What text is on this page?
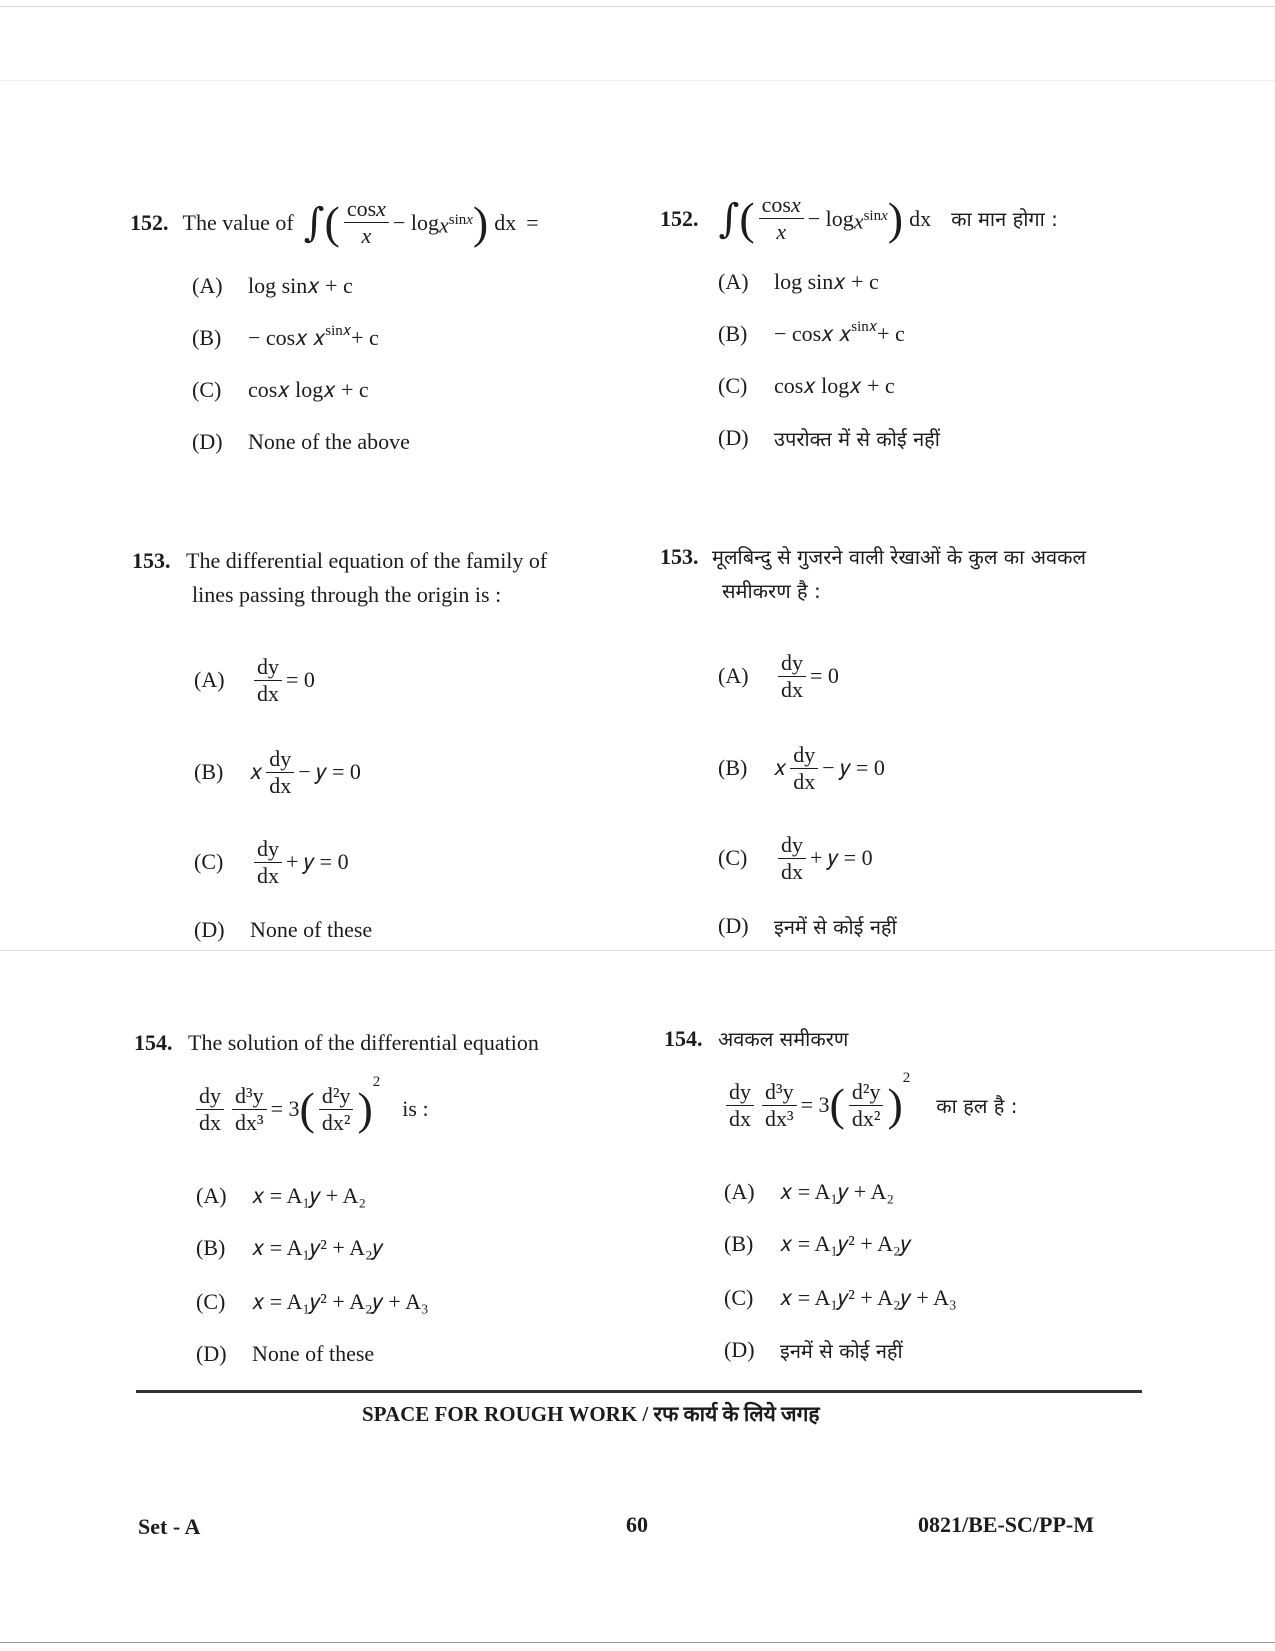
152. The value of ∫ ( $\frac{\cos x}{x} - \log x^{sinx}$ ) dx =
(A)	log sin𝑥 + c
(B)	− cos𝑥 𝑥$^{sin𝑥}$ + c
(C)	cos𝑥 log𝑥 + c
(D)	None of the above
152. ∫ ( $\frac{\cos x}{x} - \log x^{sinx}$ ) dx का मान होगा :
(A)	log sin𝑥 + c
(B)	− cos𝑥 𝑥$^{sin𝑥}$ + c
(C)	cos𝑥 log𝑥 + c
(D)	उपरोक्त में से कोई नहीं
153. The differential equation of the family of
lines passing through the origin is :
(A)	$\frac{dy}{dx} = 0$
(B)	𝑥 $\frac{dy}{dx}$ − 𝑦 = 0
(C)	$\frac{dy}{dx}$ + 𝑦 = 0
(D)	None of these
153. मूलबिन्दु से गुजरने वाली रेखाओं के कुल का अवकल
समीकरण है :
(A)	$\frac{dy}{dx} = 0$
(B)	𝑥 $\frac{dy}{dx}$ − 𝑦 = 0
(C)	$\frac{dy}{dx}$ + 𝑦 = 0
(D)	इनमें से कोई नहीं
154. The solution of the differential equation
$\frac{dy}{dx} \frac{\text{d³y}}{\text{dx³}} = 3$ ( $\frac{\text{d²y}}{\text{dx²}}$ )
$^2$
is :
(A)	𝑥 = A₁𝑦 + A₂
(B)	𝑥 = A₁𝑦² + A₂𝑦
(C)	𝑥 = A₁𝑦² + A₂𝑦 + A₃
(D)	None of these
154. अवकल समीकरण
$\frac{dy}{dx} \frac{\text{d³y}}{\text{dx³}} = 3$ ( $\frac{\text{d²y}}{\text{dx²}}$ )
$^2$
का हल है :
(A)	𝑥 = A₁𝑦 + A₂
(B)	𝑥 = A₁𝑦² + A₂𝑦
(C)	𝑥 = A₁𝑦² + A₂𝑦 + A₃
(D)	इनमें से कोई नहीं
SPACE FOR ROUGH WORK / रफ कार्य के लिये जगह
Set - A	60	0821/BE-SC/PP-M
